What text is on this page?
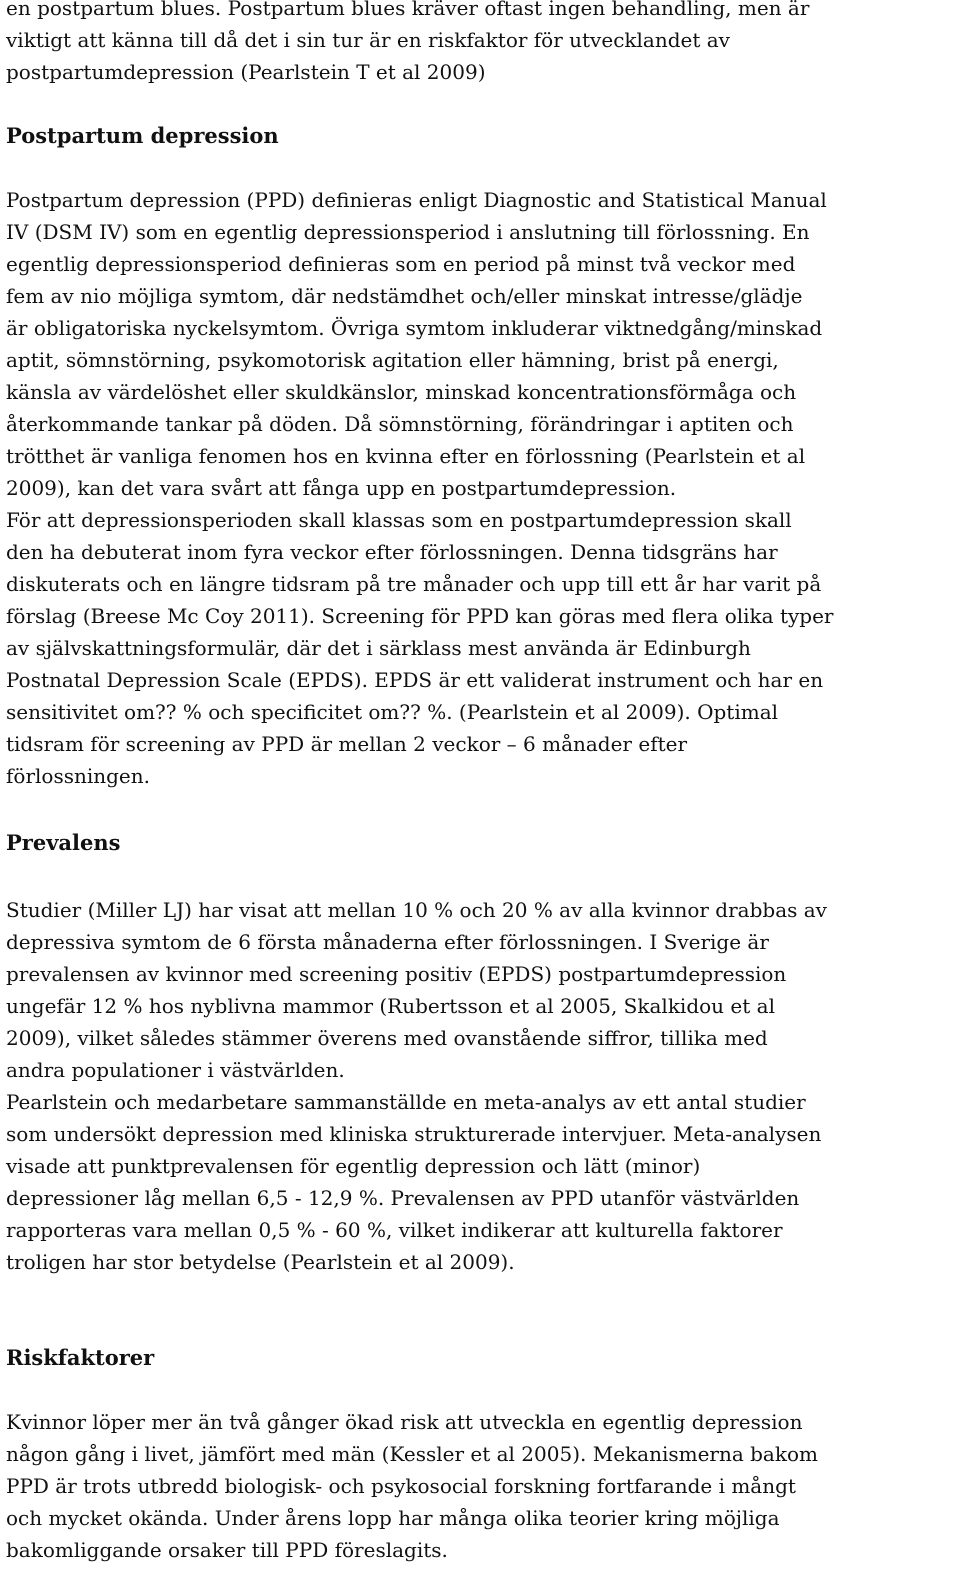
en postpartum blues. Postpartum blues kräver oftast ingen behandling, men är
viktigt att känna till då det i sin tur är en riskfaktor för utvecklandet av
postpartumdepression (Pearlstein T et al 2009)
Postpartum depression
Postpartum depression (PPD) definieras enligt Diagnostic and Statistical Manual
IV (DSM IV) som en egentlig depressionsperiod i anslutning till förlossning. En
egentlig depressionsperiod definieras som en period på minst två veckor med
fem av nio möjliga symtom, där nedstämdhet och/eller minskat intresse/glädje
är obligatoriska nyckelsymtom. Övriga symtom inkluderar viktnedgång/minskad
aptit, sömnstörning, psykomotorisk agitation eller hämning, brist på energi,
känsla av värdelöshet eller skuldkänslor, minskad koncentrationsförmåga och
återkommande tankar på döden. Då sömnstörning, förändringar i aptiten och
trötthet är vanliga fenomen hos en kvinna efter en förlossning (Pearlstein et al
2009), kan det vara svårt att fånga upp en postpartumdepression.
För att depressionsperioden skall klassas som en postpartumdepression skall
den ha debuterat inom fyra veckor efter förlossningen. Denna tidsgräns har
diskuterats och en längre tidsram på tre månader och upp till ett år har varit på
förslag (Breese Mc Coy 2011). Screening för PPD kan göras med flera olika typer
av självskattningsformulär, där det i särklass mest använda är Edinburgh
Postnatal Depression Scale (EPDS). EPDS är ett validerat instrument och har en
sensitivitet om?? % och specificitet om?? %. (Pearlstein et al 2009). Optimal
tidsram för screening av PPD är mellan 2 veckor – 6 månader efter
förlossningen.
Prevalens
Studier (Miller LJ) har visat att mellan 10 % och 20 % av alla kvinnor drabbas av
depressiva symtom de 6 första månaderna efter förlossningen. I Sverige är
prevalensen av kvinnor med screening positiv (EPDS) postpartumdepression
ungefär 12 % hos nyblivna mammor (Rubertsson et al 2005, Skalkidou et al
2009), vilket således stämmer överens med ovanstående siffror, tillika med
andra populationer i västvärlden.
Pearlstein och medarbetare sammanställde en meta-analys av ett antal studier
som undersökt depression med kliniska strukturerade intervjuer. Meta-analysen
visade att punktprevalensen för egentlig depression och lätt (minor)
depressioner låg mellan 6,5 - 12,9 %. Prevalensen av PPD utanför västvärlden
rapporteras vara mellan 0,5 % - 60 %, vilket indikerar att kulturella faktorer
troligen har stor betydelse (Pearlstein et al 2009).
Riskfaktorer
Kvinnor löper mer än två gånger ökad risk att utveckla en egentlig depression
någon gång i livet, jämfört med män (Kessler et al 2005). Mekanismerna bakom
PPD är trots utbredd biologisk- och psykosocial forskning fortfarande i mångt
och mycket okända. Under årens lopp har många olika teorier kring möjliga
bakomliggande orsaker till PPD föreslagits.
